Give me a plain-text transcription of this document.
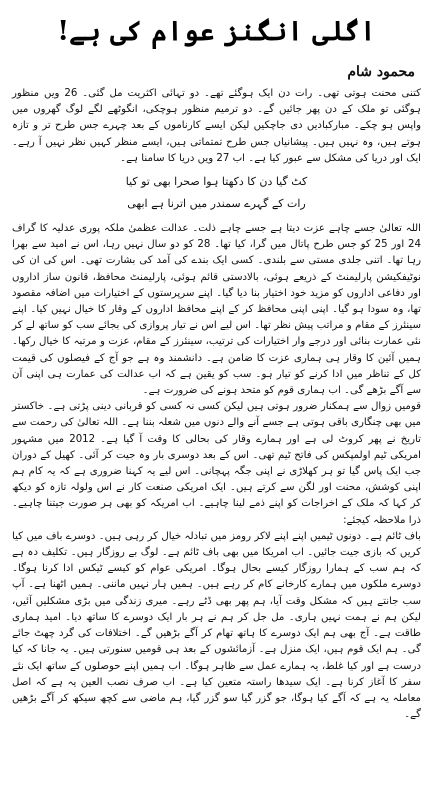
اگلی انگنز عوام کی ہے!
محمود شام

کتنی محنت ہوتی تھی۔ رات دن ایک ہوگئے تھے۔ دو تہائی اکثریت مل گئی۔ 26 ویں منظور ہوگئی تو ملک کے دن پھر جائیں گے۔ دو ترمیم منظور ہوچکی، انگوٹھے لگے لوگ گھروں میں واپس ہو چکے۔ مبارکبادیں دی جاچکیں لیکن ایسے کارناموں کے بعد چہرے جس طرح تر و تازہ ہوتے ہیں، وہ نہیں ہیں۔ پیشانیاں جس طرح تمتماتی ہیں، ایسے منظر کہیں نظر نہیں آ رہے۔ ایک اور دریا کی مشکل سے عبور کیا ہے۔ اب 27 ویں دریا کا سامنا ہے۔

کٹ گیا دن کا دکھتا ہوا صحرا بھی تو کیا
رات کے گہرے سمندر میں اترنا ہے ابھی

اللہ تعالیٰ جسے چاہے عزت دیتا ہے جسے چاہے ذلت۔ عدالت عظمیٰ ملکہ پوری عدلیہ کا گراف 24 اور 25 کو جس طرح پاتال میں گرا، کیا تھا۔ 28 کو دو سال نہیں رہا، اس نے امید سے بھرا رہا تھا۔ اتنی جلدی مستی سے بلندی۔ کسی ایک بندے کی آمد کی بشارت تھی۔ اس کی ان کی نوٹیفکیشن پارلیمنٹ کے ذریعے ہوئی، بالادستی قائم ہوئی، پارلیمنٹ محافظ، قانون ساز اداروں اور دفاعی اداروں کو مزید خود اختیار بنا دیا گیا۔ اپنے سرپرستوں کے اختیارات میں اضافہ مقصود تھا، وہ سودا ہو گیا۔ اپنی اپنی محافظ کر کے اپنے محافظ اداروں کے وقار کا خیال نہیں کیا۔ اپنے سینئرز کے مقام و مراتب پیش نظر تھا۔ اس لیے اس نے تیار پروازی کی بجائے سب کو ساتھ لے کر نئی عمارت بنائی اور درجے وار اختیارات کی ترتیب، سینئرز کے مقام، عزت و مرتبہ کا خیال رکھا۔ ہمیں آئین کا وقار ہی ہماری عزت کا ضامن ہے۔ دانشمند وہ ہے جو آج کے فیصلوں کی قیمت کل کے تناظر میں ادا کرنے کو تیار ہو۔ سب کو یقین ہے کہ اب عدالت کی عمارت ہی اپنی آن سے آگے بڑھے گی۔ اب ہماری قوم کو متحد ہونے کی ضرورت ہے۔

قومیں زوال سے ہمکنار ضرور ہوتی ہیں لیکن کسی نہ کسی کو قربانی دینی پڑتی ہے۔ خاکستر میں بھی چنگاری باقی ہوتی ہے جسے آنے والے دنوں میں شعلہ بننا ہے۔ اللہ تعالیٰ کی رحمت سے تاریخ نے پھر کروٹ لی ہے اور ہمارے وقار کی بحالی کا وقت آ گیا ہے۔ 2012 میں مشہور امریکی ٹیم اولمپکس کی فاتح ٹیم تھی۔ اس کے بعد دوسری بار وہ جیت کر آئی۔ کھیل کے دوران جب ایک پاس گیا تو ہر کھلاڑی نے اپنی جگہ پہچانی۔ اس لیے یہ کہنا ضروری ہے کہ یہ کام ہم اپنی کوشش، محنت اور لگن سے کرتے ہیں۔ ایک امریکی صنعت کار نے اس ولولہ تازہ کو دیکھ کر کہا کہ ملک کے اخراجات کو اپنے ذمے لینا چاہیے۔ اب امریکہ کو بھی ہر صورت جیتنا چاہیے۔ ذرا ملاحظہ کیجئے:

باف ٹائم ہے۔ دونوں ٹیمیں اپنے اپنے لاکر رومز میں تبادلہ خیال کر رہی ہیں۔ دوسرے باف میں کیا کریں کہ بازی جیت جائیں۔ اب امریکا میں بھی باف ٹائم ہے۔ لوگ بے روزگار ہیں۔ تکلیف دہ ہے کہ ہم سب کے ہمارا روزگار کیسے بحال ہوگا۔ امریکی عوام کو کیسے ٹیکس ادا کرنا ہوگا۔ دوسرے ملکوں میں ہمارے کارخانے کام کر رہے ہیں۔ ہمیں ہار نہیں ماننی۔ ہمیں اٹھنا ہے۔ آپ سب جانتے ہیں کہ مشکل وقت آیا، ہم پھر بھی ڈٹے رہے۔ میری زندگی میں بڑی مشکلیں آئیں، لیکن ہم نے ہمت نہیں ہاری۔ مل جل کر ہم نے ہر بار ایک دوسرے کا ساتھ دیا۔ امید ہماری طاقت ہے۔ آج بھی ہم ایک دوسرے کا ہاتھ تھام کر آگے بڑھیں گے۔ اختلافات کی گرد چھٹ جائے گی۔ ہم ایک قوم ہیں، ایک منزل ہے۔ آزمائشوں کے بعد ہی قومیں سنورتی ہیں۔ یہ جانا کہ کیا درست ہے اور کیا غلط، یہ ہمارے عمل سے ظاہر ہوگا۔ اب ہمیں اپنے حوصلوں کے ساتھ ایک نئے سفر کا آغاز کرنا ہے۔ ایک سیدھا راستہ متعین کیا ہے۔ اب صرف نصب العین یہ ہے کہ اصل معاملہ یہ ہے کہ آگے کیا ہوگا، جو گزر گیا سو گزر گیا، ہم ماضی سے کچھ سیکھ کر آگے بڑھیں گے۔
